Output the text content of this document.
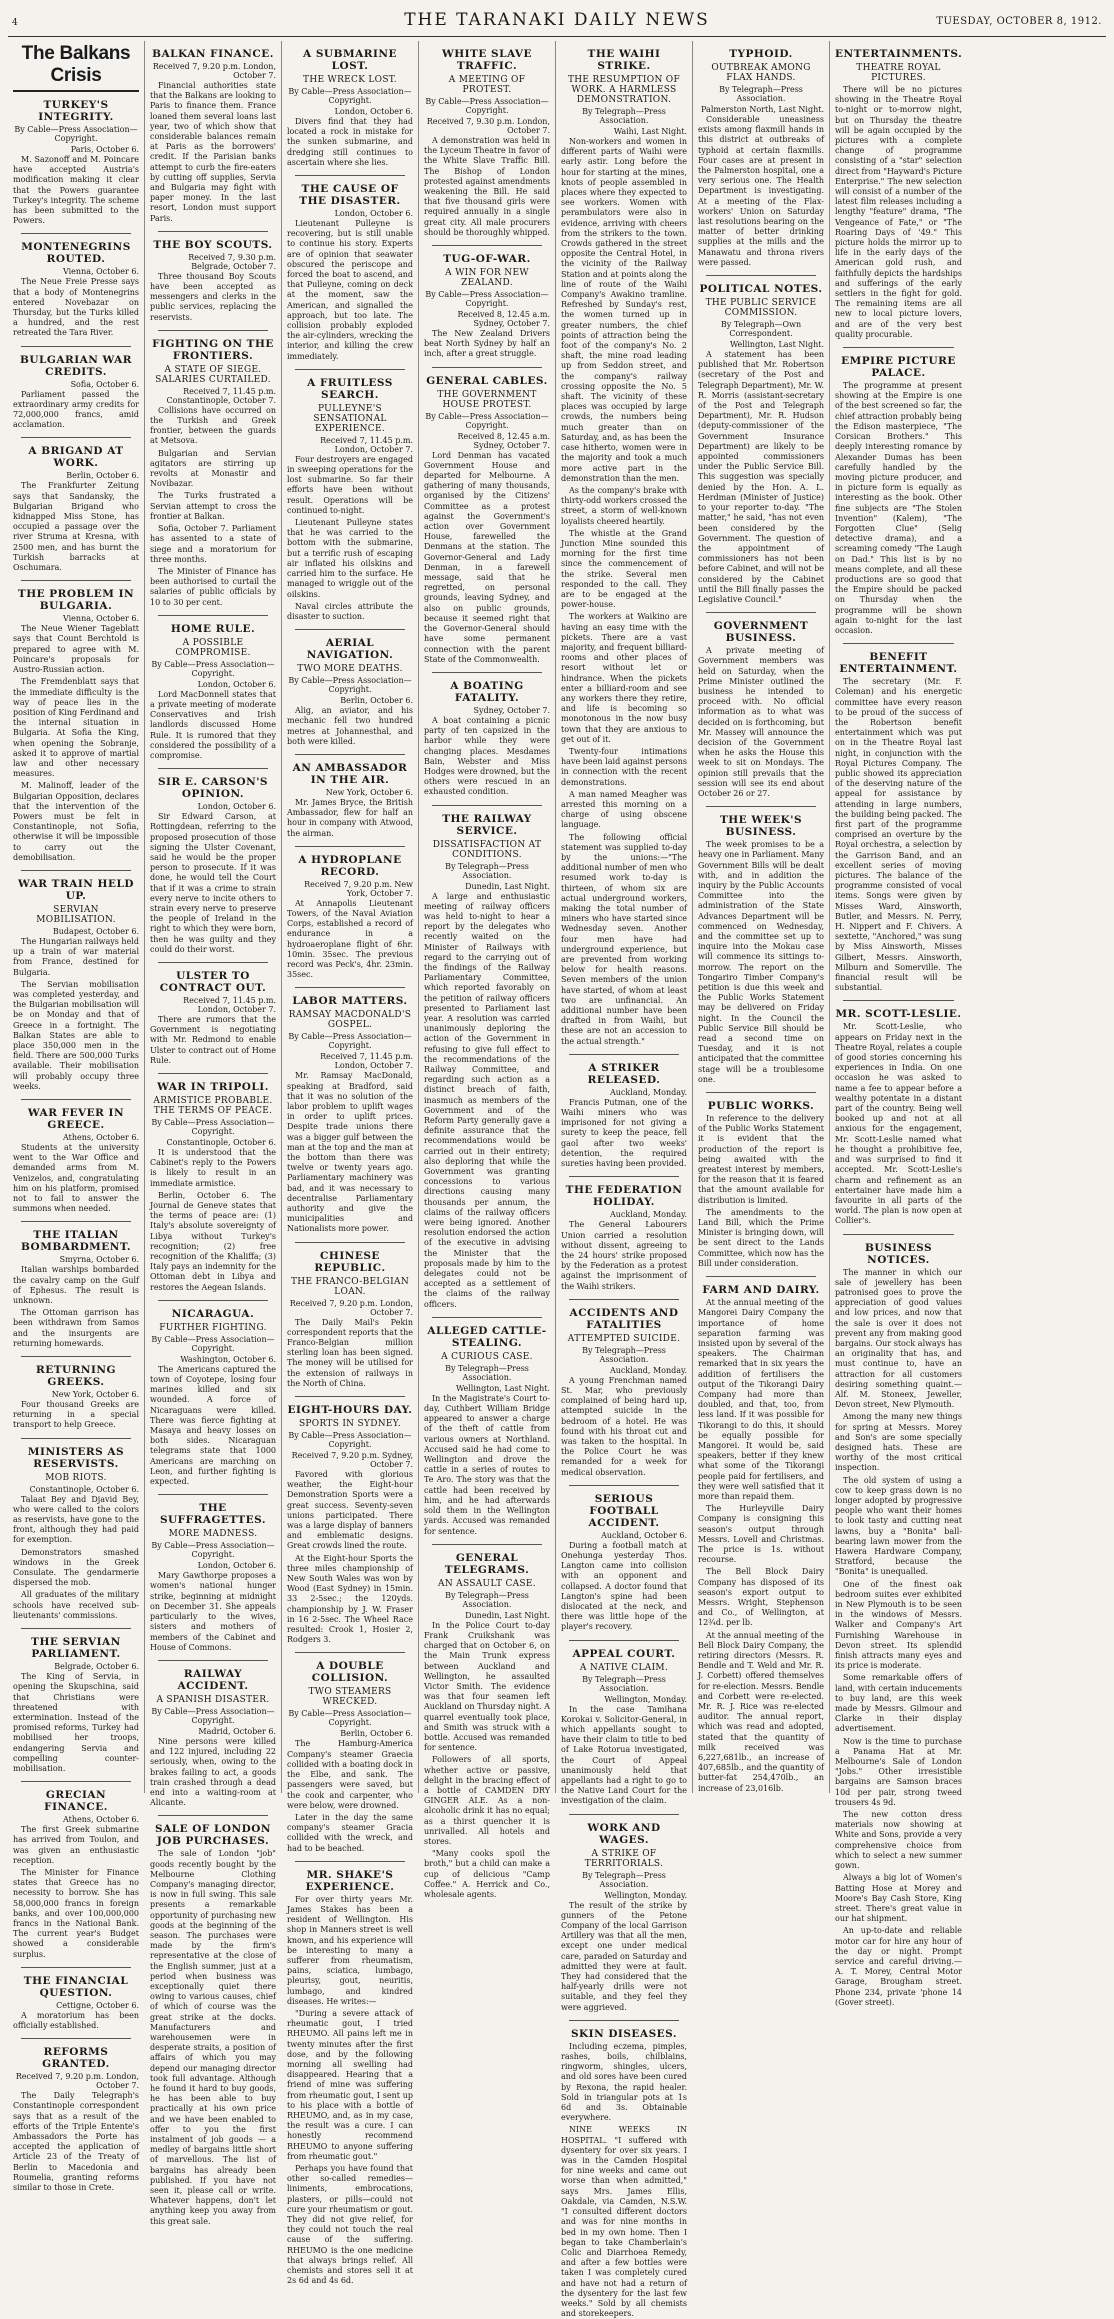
4	THE TARANAKI DAILY NEWS	TUESDAY, OCTOBER 8, 1912.
The Balkans Crisis
TURKEY'S INTEGRITY.
By Cable—Press Association—Copyright.
Paris, October 6.

M. Sazonoff and M. Poincare have accepted Austria's modification making it clear that the Powers guarantee Turkey's integrity. The scheme has been submitted to the Powers.

MONTENEGRINS ROUTED.
Vienna, October 6.

The Neue Freie Presse says that a body of Montenegrins entered Novebazar on Thursday, but the Turks killed a hundred, and the rest retreated the Tara River.

BULGARIAN WAR CREDITS.
Sofia, October 6.

Parliament passed the extraordinary army credits for 72,000,000 francs, amid acclamation.

A BRIGAND AT WORK.
Berlin, October 6.

The Frankfurter Zeitung says that Sandansky, the Bulgarian Brigand who kidnapped Miss Stone, has occupied a passage over the river Struma at Kresna, with 2500 men, and has burnt the Turkish barracks at Oschumara.

THE PROBLEM IN BULGARIA.
Vienna, October 6.

The Neue Wiener Tageblatt says that Count Berchtold is prepared to agree with M. Poincare's proposals for Austro-Russian action.

The Fremdenblatt says that the immediate difficulty is the way of peace lies in the position of King Ferdinand and the internal situation in Bulgaria. At Sofia the King, when opening the Sobranje, asked it to approve of martial law and other necessary measures.

M. Malinoff, leader of the Bulgarian Opposition, declares that the intervention of the Powers must be felt in Constantinople, not Sofia, otherwise it will be impossible to carry out the demobilisation.

WAR TRAIN HELD UP.
SERVIAN MOBILISATION.
Budapest, October 6.

The Hungarian railways held up a train of war material from France, destined for Bulgaria.

The Servian mobilisation was completed yesterday, and the Bulgarian mobilisation will be on Monday and that of Greece in a fortnight. The Balkan States are able to place 350,000 men in the field. There are 500,000 Turks available. Their mobilisation will probably occupy three weeks.

WAR FEVER IN GREECE.
Athens, October 6.

Students at the university went to the War Office and demanded arms from M. Venizelos, and, congratulating him on his platform, promised not to fail to answer the summons when needed.

THE ITALIAN BOMBARDMENT.
Smyrna, October 6.

Italian warships bombarded the cavalry camp on the Gulf of Ephesus. The result is unknown.

The Ottoman garrison has been withdrawn from Samos and the insurgents are returning homewards.

RETURNING GREEKS.
New York, October 6.

Four thousand Greeks are returning in a special transport to help Greece.

MINISTERS AS RESERVISTS.
MOB RIOTS.
Constantinople, October 6.

Talaat Bey and Djavid Bey, who were called to the colors as reservists, have gone to the front, although they had paid for exemption.

Demonstrators smashed windows in the Greek Consulate. The gendarmerie dispersed the mob.

All graduates of the military schools have received sub-lieutenants' commissions.

THE SERVIAN PARLIAMENT.
Belgrade, October 6.

The King of Servia, in opening the Skupschina, said that Christians were threatened with extermination. Instead of the promised reforms, Turkey had mobilised her troops, endangering Servia and compelling counter-mobilisation.

GRECIAN FINANCE.
Athens, October 6.

The first Greek submarine has arrived from Toulon, and was given an enthusiastic reception.

The Minister for Finance states that Greece has no necessity to borrow. She has 58,000,000 francs in foreign banks, and over 100,000,000 francs in the National Bank. The current year's Budget showed a considerable surplus.

THE FINANCIAL QUESTION.
Cettigne, October 6.

A moratorium has been officially established.

REFORMS GRANTED.
Received 7, 9.20 p.m. London, October 7.

The Daily Telegraph's Constantinople correspondent says that as a result of the efforts of the Triple Entente's Ambassadors the Porte has accepted the application of Article 23 of the Treaty of Berlin to Macedonia and Roumelia, granting reforms similar to those in Crete.

BALKAN FINANCE.
Received 7, 9.20 p.m. London, October 7.

Financial authorities state that the Balkans are looking to Paris to finance them. France loaned them several loans last year, two of which show that considerable balances remain at Paris as the borrowers' credit. If the Parisian banks attempt to curb the fire-eaters by cutting off supplies, Servia and Bulgaria may fight with paper money. In the last resort, London must support Paris.

THE BOY SCOUTS.
Received 7, 9.30 p.m. Belgrade, October 7.

Three thousand Boy Scouts have been accepted as messengers and clerks in the public services, replacing the reservists.

FIGHTING ON THE FRONTIERS.
A STATE OF SIEGE. SALARIES CURTAILED.
Received 7, 11.45 p.m. Constantinople, October 7.

Collisions have occurred on the Turkish and Greek frontier, between the guards at Metsova.

Bulgarian and Servian agitators are stirring up revolts at Monastir and Novibazar.

The Turks frustrated a Servian attempt to cross the frontier at Balkan.

Sofia, October 7. Parliament has assented to a state of siege and a moratorium for three months.

The Minister of Finance has been authorised to curtail the salaries of public officials by 10 to 30 per cent.

HOME RULE.
A POSSIBLE COMPROMISE.
By Cable—Press Association—Copyright.
London, October 6.

Lord MacDonnell states that a private meeting of moderate Conservatives and Irish landlords discussed Home Rule. It is rumored that they considered the possibility of a compromise.

SIR E. CARSON'S OPINION.
London, October 6.

Sir Edward Carson, at Rottingdean, referring to the proposed prosecution of those signing the Ulster Covenant, said he would be the proper person to prosecute. If it was done, he would tell the Court that if it was a crime to strain every nerve to incite others to strain every nerve to preserve the people of Ireland in the right to which they were born, then he was guilty and they could do their worst.

ULSTER TO CONTRACT OUT.
Received 7, 11.45 p.m. London, October 7.

There are rumors that the Government is negotiating with Mr. Redmond to enable Ulster to contract out of Home Rule.

WAR IN TRIPOLI.
ARMISTICE PROBABLE. THE TERMS OF PEACE.
By Cable—Press Association—Copyright.
Constantinople, October 6.

It is understood that the Cabinet's reply to the Powers is likely to result in an immediate armistice.

Berlin, October 6. The Journal de Geneve states that the terms of peace are: (1) Italy's absolute sovereignty of Libya without Turkey's recognition; (2) free recognition of the Khaliffa; (3) Italy pays an indemnity for the Ottoman debt in Libya and restores the Aegean Islands.

NICARAGUA.
FURTHER FIGHTING.
By Cable—Press Association—Copyright.
Washington, October 6.

The Americans captured the town of Coyotepe, losing four marines killed and six wounded. A force of Nicaraguans were killed. There was fierce fighting at Masaya and heavy losses on both sides. Nicaraguan telegrams state that 1000 Americans are marching on Leon, and further fighting is expected.

THE SUFFRAGETTES.
MORE MADNESS.
By Cable—Press Association—Copyright.
London, October 6.

Mary Gawthorpe proposes a women's national hunger strike, beginning at midnight on December 31. She appeals particularly to the wives, sisters and mothers of members of the Cabinet and House of Commons.

RAILWAY ACCIDENT.
A SPANISH DISASTER.
By Cable—Press Association—Copyright.
Madrid, October 6.

Nine persons were killed and 122 injured, including 22 seriously, when, owing to the brakes failing to act, a goods train crashed through a dead end into a waiting-room at Alicante.

SALE OF LONDON JOB PURCHASES.

The sale of London "job" goods recently bought by the Melbourne Clothing Company's managing director, is now in full swing. This sale presents a remarkable opportunity of purchasing new goods at the beginning of the season. The purchases were made by the firm's representative at the close of the English summer, just at a period when business was exceptionally quiet there owing to various causes, chief of which of course was the great strike at the docks. Manufacturers and warehousemen were in desperate straits, a position of affairs of which you may depend our managing director took full advantage. Although he found it hard to buy goods, he has been able to buy practically at his own price and we have been enabled to offer to you the first instalment of job goods — a medley of bargains little short of marvellous. The list of bargains has already been published. If you have not seen it, please call or write. Whatever happens, don't let anything keep you away from this great sale.

A SUBMARINE LOST.
THE WRECK LOST.
By Cable—Press Association—Copyright.
London, October 6.

Divers find that they had located a rock in mistake for the sunken submarine, and dredging still continues to ascertain where she lies.

THE CAUSE OF THE DISASTER.
London, October 6.

Lieutenant Pulleyne is recovering, but is still unable to continue his story. Experts are of opinion that seawater obscured the periscope and forced the boat to ascend, and that Pulleyne, coming on deck at the moment, saw the American, and signalled the approach, but too late. The collision probably exploded the air-cylinders, wrecking the interior, and killing the crew immediately.

A FRUITLESS SEARCH.
PULLEYNE'S SENSATIONAL EXPERIENCE.
Received 7, 11.45 p.m. London, October 7.

Four destroyers are engaged in sweeping operations for the lost submarine. So far their efforts have been without result. Operations will be continued to-night.

Lieutenant Pulleyne states that he was carried to the bottom with the submarine, but a terrific rush of escaping air inflated his oilskins and carried him to the surface. He managed to wriggle out of the oilskins.

Naval circles attribute the disaster to suction.

AERIAL NAVIGATION.
TWO MORE DEATHS.
By Cable—Press Association—Copyright.
Berlin, October 6.

Alig, an aviator, and his mechanic fell two hundred metres at Johannesthal, and both were killed.

AN AMBASSADOR IN THE AIR.
New York, October 6.

Mr. James Bryce, the British Ambassador, flew for half an hour in company with Atwood, the airman.

A HYDROPLANE RECORD.
Received 7, 9.20 p.m. New York, October 7.

At Annapolis Lieutenant Towers, of the Naval Aviation Corps, established a record of endurance in a hydroaeroplane flight of 6hr. 10min. 35sec. The previous record was Peck's, 4hr. 23min. 35sec.

LABOR MATTERS.
RAMSAY MACDONALD'S GOSPEL.
By Cable—Press Association—Copyright.
Received 7, 11.45 p.m. London, October 7.

Mr. Ramsay MacDonald, speaking at Bradford, said that it was no solution of the labor problem to uplift wages in order to uplift prices. Despite trade unions there was a bigger gulf between the man at the top and the man at the bottom than there was twelve or twenty years ago. Parliamentary machinery was bad, and it was necessary to decentralise Parliamentary authority and give the municipalities and Nationalists more power.

CHINESE REPUBLIC.
THE FRANCO-BELGIAN LOAN.
Received 7, 9.20 p.m. London, October 7.

The Daily Mail's Pekin correspondent reports that the Franco-Belgian million sterling loan has been signed. The money will be utilised for the extension of railways in the North of China.

EIGHT-HOURS DAY.
SPORTS IN SYDNEY.
By Cable—Press Association—Copyright.
Received 7, 9.20 p.m. Sydney, October 7.

Favored with glorious weather, the Eight-hour Demonstration Sports were a great success. Seventy-seven unions participated. There was a large display of banners and emblematic designs. Great crowds lined the route.

At the Eight-hour Sports the three miles championship of New South Wales was won by Wood (East Sydney) in 15min. 33 2-5sec.; the 120yds. championship by J. W. Fraser in 16 2-5sec. The Wheel Race resulted: Crook 1, Hosier 2, Rodgers 3.

A DOUBLE COLLISION.
TWO STEAMERS WRECKED.
By Cable—Press Association—Copyright.
Berlin, October 6.

The Hamburg-America Company's steamer Graecia collided with a boating dock in the Elbe, and sank. The passengers were saved, but the cook and carpenter, who were below, were drowned.

Later in the day the same company's steamer Gracia collided with the wreck, and had to be beached.

MR. SHAKE'S EXPERIENCE.

For over thirty years Mr. James Stakes has been a resident of Wellington. His shop in Manners street is well known, and his experience will be interesting to many a sufferer from rheumatism, pains, sciatica, lumbago, pleurisy, gout, neuritis, lumbago, and kindred diseases. He writes:—

"During a severe attack of rheumatic gout, I tried RHEUMO. All pains left me in twenty minutes after the first dose, and by the following morning all swelling had disappeared. Hearing that a friend of mine was suffering from rheumatic gout, I sent up to his place with a bottle of RHEUMO, and, as in my case, the result was a cure. I can honestly recommend RHEUMO to anyone suffering from rheumatic gout."

Perhaps you have found that other so-called remedies—liniments, embrocations, plasters, or pills—could not cure your rheumatism or gout. They did not give relief, for they could not touch the real cause of the suffering. RHEUMO is the one medicine that always brings relief. All chemists and stores sell it at 2s 6d and 4s 6d.

WHITE SLAVE TRAFFIC.
A MEETING OF PROTEST.
By Cable—Press Association—Copyright.
Received 7, 9.30 p.m. London, October 7.

A demonstration was held in the Lyceum Theatre in favor of the White Slave Traffic Bill. The Bishop of London protested against amendments weakening the Bill. He said that five thousand girls were required annually in a single great city. All male procurers should be thoroughly whipped.

TUG-OF-WAR.
A WIN FOR NEW ZEALAND.
By Cable—Press Association—Copyright.
Received 8, 12.45 a.m. Sydney, October 7.

The New Zealand Drivers beat North Sydney by half an inch, after a great struggle.

GENERAL CABLES.
THE GOVERNMENT HOUSE PROTEST.
By Cable—Press Association—Copyright.
Received 8, 12.45 a.m. Sydney, October 7.

Lord Denman has vacated Government House and departed for Melbourne. A gathering of many thousands, organised by the Citizens' Committee as a protest against the Government's action over Government House, farewelled the Denmans at the station. The Governor-General and Lady Denman, in a farewell message, said that he regretted, on personal grounds, leaving Sydney, and also on public grounds, because it seemed right that the Governor-General should have some permanent connection with the parent State of the Commonwealth.

A BOATING FATALITY.
Sydney, October 7.

A boat containing a picnic party of ten capsized in the harbor while they were changing places. Mesdames Bain, Webster and Miss Hodges were drowned, but the others were rescued in an exhausted condition.

THE RAILWAY SERVICE.
DISSATISFACTION AT CONDITIONS.
By Telegraph—Press Association.
Dunedin, Last Night.

A large and enthusiastic meeting of railway officers was held to-night to hear a report by the delegates who recently waited on the Minister of Railways with regard to the carrying out of the findings of the Railway Parliamentary Committee, which reported favorably on the petition of railway officers presented to Parliament last year. A resolution was carried unanimously deploring the action of the Government in refusing to give full effect to the recommendations of the Railway Committee, and regarding such action as a distinct breach of faith, inasmuch as members of the Government and of the Reform Party generally gave a definite assurance that the recommendations would be carried out in their entirety; also deploring that while the Government was granting concessions to various directions causing many thousands per annum, the claims of the railway officers were being ignored. Another resolution endorsed the action of the executive in advising the Minister that the proposals made by him to the delegates could not be accepted as a settlement of the claims of the railway officers.

ALLEGED CATTLE-STEALING.
A CURIOUS CASE.
By Telegraph—Press Association.
Wellington, Last Night.

In the Magistrate's Court to-day, Cuthbert William Bridge appeared to answer a charge of the theft of cattle from various owners at Northland. Accused said he had come to Wellington and drove the cattle in a series of routes to Te Aro. The story was that the cattle had been received by him, and he had afterwards sold them in the Wellington yards. Accused was remanded for sentence.

GENERAL TELEGRAMS.
AN ASSAULT CASE.
By Telegraph—Press Association.
Dunedin, Last Night.

In the Police Court to-day Frank Cruikshank was charged that on October 6, on the Main Trunk express between Auckland and Wellington, he assaulted Victor Smith. The evidence was that four seamen left Auckland on Thursday night. A quarrel eventually took place, and Smith was struck with a bottle. Accused was remanded for sentence.

Followers of all sports, whether active or passive, delight in the bracing effect of a bottle of CAMDEN DRY GINGER ALE. As a non-alcoholic drink it has no equal; as a thirst quencher it is unrivalled. All hotels and stores.

"Many cooks spoil the broth," but a child can make a cup of delicious "Camp Coffee." A. Herrick and Co., wholesale agents.

THE WAIHI STRIKE.
THE RESUMPTION OF WORK. A HARMLESS DEMONSTRATION.
By Telegraph—Press Association.
Waihi, Last Night.

Non-workers and women in different parts of Waihi were early astir. Long before the hour for starting at the mines, knots of people assembled in places where they expected to see workers. Women with perambulators were also in evidence, arriving with cheers from the strikers to the town. Crowds gathered in the street opposite the Central Hotel, in the vicinity of the Railway Station and at points along the line of route of the Waihi Company's Awakino tramline. Refreshed by Sunday's rest, the women turned up in greater numbers, the chief points of attraction being the foot of the company's No. 2 shaft, the mine road leading up from Seddon street, and the company's railway crossing opposite the No. 5 shaft. The vicinity of these places was occupied by large crowds, the numbers being much greater than on Saturday, and, as has been the case hitherto, women were in the majority and took a much more active part in the demonstration than the men.

As the company's brake with thirty-odd workers crossed the street, a storm of well-known loyalists cheered heartily.

The whistle at the Grand Junction Mine sounded this morning for the first time since the commencement of the strike. Several men responded to the call. They are to be engaged at the power-house.

The workers at Waikino are having an easy time with the pickets. There are a vast majority, and frequent billiard-rooms and other places of resort without let or hindrance. When the pickets enter a billiard-room and see any workers there they retire, and life is becoming so monotonous in the now busy town that they are anxious to get out of it.

Twenty-four intimations have been laid against persons in connection with the recent demonstrations.

A man named Meagher was arrested this morning on a charge of using obscene language.

The following official statement was supplied to-day by the unions:—"The additional number of men who resumed work to-day is thirteen, of whom six are actual underground workers, making the total number of miners who have started since Wednesday seven. Another four men have had underground experience, but are prevented from working below for health reasons. Seven members of the union have started, of whom at least two are unfinancial. An additional number have been drafted in from Waihi, but these are not an accession to the actual strength."

A STRIKER RELEASED.
Auckland, Monday.

Francis Putman, one of the Waihi miners who was imprisoned for not giving a surety to keep the peace, fell gaol after two weeks' detention, the required sureties having been provided.

THE FEDERATION HOLIDAY.
Auckland, Monday.

The General Labourers Union carried a resolution without dissent, agreeing to the 24 hours' strike proposed by the Federation as a protest against the imprisonment of the Waihi strikers.

ACCIDENTS AND FATALITIES
ATTEMPTED SUICIDE.
By Telegraph—Press Association.
Auckland, Monday.

A young Frenchman named St. Mar, who previously complained of being hard up, attempted suicide in the bedroom of a hotel. He was found with his throat cut and was taken to the hospital. In the Police Court he was remanded for a week for medical observation.

SERIOUS FOOTBALL ACCIDENT.
Auckland, October 6.

During a football match at Onehunga yesterday Thos. Langton came into collision with an opponent and collapsed. A doctor found that Langton's spine had been dislocated at the neck, and there was little hope of the player's recovery.

APPEAL COURT.
A NATIVE CLAIM.
By Telegraph—Press Association.
Wellington, Monday.

In the case Tamihana Korokai v. Solicitor-General, in which appellants sought to have their claim to title to bed of Lake Rotorua investigated, the Court of Appeal unanimously held that appellants had a right to go to the Native Land Court for the investigation of the claim.

WORK AND WAGES.
A STRIKE OF TERRITORIALS.
By Telegraph—Press Association.
Wellington, Monday.

The result of the strike by gunners of the Petone Company of the local Garrison Artillery was that all the men, except one under medical care, paraded on Saturday and admitted they were at fault. They had considered that the half-yearly drills were not suitable, and they feel they were aggrieved.

SKIN DISEASES.

Including eczema, pimples, rashes, boils, chilblains, ringworm, shingles, ulcers, and old sores have been cured by Rexona, the rapid healer. Sold in triangular pots at 1s 6d and 3s. Obtainable everywhere.

NINE WEEKS IN HOSPITAL. "I suffered with dysentery for over six years. I was in the Camden Hospital for nine weeks and came out worse than when admitted," says Mrs. James Ellis, Oakdale, via Camden, N.S.W. "I consulted different doctors and was for nine months in bed in my own home. Then I began to take Chamberlain's Colic and Diarrhoea Remedy, and after a few bottles were taken I was completely cured and have not had a return of the dysentery for the last few weeks." Sold by all chemists and storekeepers.

TYPHOID.
OUTBREAK AMONG FLAX HANDS.
By Telegraph—Press Association.
Palmerston North, Last Night.

Considerable uneasiness exists among flaxmill hands in this district at outbreaks of typhoid at certain flaxmills. Four cases are at present in the Palmerston hospital, one a very serious one. The Health Department is investigating. At a meeting of the Flax-workers' Union on Saturday last resolutions bearing on the matter of better drinking supplies at the mills and the Manawatu and throna rivers were passed.

POLITICAL NOTES.
THE PUBLIC SERVICE COMMISSION.
By Telegraph—Own Correspondent.
Wellington, Last Night.

A statement has been published that Mr. Robertson (secretary of the Post and Telegraph Department), Mr. W. R. Morris (assistant-secretary of the Post and Telegraph Department), Mr. R. Hudson (deputy-commissioner of the Government Insurance Department) are likely to be appointed commissioners under the Public Service Bill. This suggestion was specially denied by the Hon. A. L. Herdman (Minister of Justice) to your reporter to-day. "The matter," he said, "has not even been considered by the Government. The question of the appointment of commissioners has not been before Cabinet, and will not be considered by the Cabinet until the Bill finally passes the Legislative Council."

GOVERNMENT BUSINESS.

A private meeting of Government members was held on Saturday, when the Prime Minister outlined the business he intended to proceed with. No official information as to what was decided on is forthcoming, but Mr. Massey will announce the decision of the Government when he asks the House this week to sit on Mondays. The opinion still prevails that the session will see its end about October 26 or 27.

THE WEEK'S BUSINESS.

The week promises to be a heavy one in Parliament. Many Government Bills will be dealt with, and in addition the inquiry by the Public Accounts Committee into the administration of the State Advances Department will be commenced on Wednesday, and the committee set up to inquire into the Mokau case will commence its sittings to-morrow. The report on the Tongariro Timber Company's petition is due this week and the Public Works Statement may be delivered on Friday night. In the Council the Public Service Bill should be read a second time on Tuesday, and it is not anticipated that the committee stage will be a troublesome one.

PUBLIC WORKS.

In reference to the delivery of the Public Works Statement it is evident that the production of the report is being awaited with the greatest interest by members, for the reason that it is feared that the amount available for distribution is limited.

The amendments to the Land Bill, which the Prime Minister is bringing down, will be sent direct to the Lands Committee, which now has the Bill under consideration.

FARM AND DAIRY.

At the annual meeting of the Mangorei Dairy Company the importance of home separation farming was insisted upon by several of the speakers. The Chairman remarked that in six years the addition of fertilisers the output of the Tikorangi Dairy Company had more than doubled, and that, too, from less land. If it was possible for Tikorangi to do this, it should be equally possible for Mangorei. It would be, said speakers, better if they knew what some of the Tikorangi people paid for fertilisers, and they were well satisfied that it more than repaid them.

The Hurleyville Dairy Company is consigning this season's output through Messrs. Lovell and Christmas. The price is 1s. without recourse.

The Bell Block Dairy Company has disposed of its season's export output to Messrs. Wright, Stephenson and Co., of Wellington, at 12¾d. per lb.

At the annual meeting of the Bell Block Dairy Company, the retiring directors (Messrs. R. Bendle and T. Weld and Mr. R. J. Corbett) offered themselves for re-election. Messrs. Bendle and Corbett were re-elected. Mr. R. J. Rice was re-elected auditor. The annual report, which was read and adopted, stated that the quantity of milk received was 6,227,681lb., an increase of 407,685lb., and the quantity of butter-fat 254,470lb., an increase of 23,016lb.

ENTERTAINMENTS.
THEATRE ROYAL PICTURES.

There will be no pictures showing in the Theatre Royal to-night or to-morrow night, but on Thursday the theatre will be again occupied by the pictures with a complete change of programme consisting of a "star" selection direct from "Hayward's Picture Enterprise." The new selection will consist of a number of the latest film releases including a lengthy "feature" drama, "The Vengeance of Fate," or "The Roaring Days of '49." This picture holds the mirror up to life in the early days of the American gold rush, and faithfully depicts the hardships and sufferings of the early settlers in the fight for gold. The remaining items are all new to local picture lovers, and are of the very best quality procurable.

EMPIRE PICTURE PALACE.

The programme at present showing at the Empire is one of the best screened so far, the chief attraction probably being the Edison masterpiece, "The Corsican Brothers." This deeply interesting romance by Alexander Dumas has been carefully handled by the moving picture producer, and in picture form is equally as interesting as the book. Other fine subjects are "The Stolen Invention" (Kalem), "The Forgotten Clue" (Selig detective drama), and a screaming comedy "The Laugh on Dad." This list is by no means complete, and all these productions are so good that the Empire should be packed on Thursday when the programme will be shown again to-night for the last occasion.

BENEFIT ENTERTAINMENT.

The secretary (Mr. F. Coleman) and his energetic committee have every reason to be proud of the success of the Robertson benefit entertainment which was put on in the Theatre Royal last night, in conjunction with the Royal Pictures Company. The public showed its appreciation of the deserving nature of the appeal for assistance by attending in large numbers, the building being packed. The first part of the programme comprised an overture by the Royal orchestra, a selection by the Garrison Band, and an excellent series of moving pictures. The balance of the programme consisted of vocal items. Songs were given by Misses Ward, Ainsworth, Butler, and Messrs. N. Perry, H. Nippert and F. Chivers. A sextette, "Anchored," was sung by Miss Ainsworth, Misses Gilbert, Messrs. Ainsworth, Milburn and Somerville. The financial result will be substantial.

MR. SCOTT-LESLIE.

Mr. Scott-Leslie, who appears on Friday next in the Theatre Royal, relates a couple of good stories concerning his experiences in India. On one occasion he was asked to name a fee to appear before a wealthy potentate in a distant part of the country. Being well booked up and not at all anxious for the engagement, Mr. Scott-Leslie named what he thought a prohibitive fee, and was surprised to find it accepted. Mr. Scott-Leslie's charm and refinement as an entertainer have made him a favourite in all parts of the world. The plan is now open at Collier's.

BUSINESS NOTICES.

The manner in which our sale of jewellery has been patronised goes to prove the appreciation of good values and low prices, and now that the sale is over it does not prevent any from making good bargains. Our stock always has an originality that has, and must continue to, have an attraction for all customers desiring something quaint.— Alf. M. Stoneex, Jeweller, Devon street, New Plymouth.

Among the many new things for spring at Messrs. Morey and Son's are some specially designed hats. These are worthy of the most critical inspection.

The old system of using a cow to keep grass down is no longer adopted by progressive people who want their homes to look tasty and cutting neat lawns, buy a "Bonita" ball-bearing lawn mower from the Hawera Hardware Company, Stratford, because the "Bonita" is unequalled.

One of the finest oak bedroom suites ever exhibited in New Plymouth is to be seen in the windows of Messrs. Walker and Company's Art Furnishing Warehouse in Devon street. Its splendid finish attracts many eyes and its price is moderate.

Some remarkable offers of land, with certain inducements to buy land, are this week made by Messrs. Gilmour and Clarke in their display advertisement.

Now is the time to purchase a Panama Hat at Mr. Melbourne's Sale of London "Jobs." Other irresistible bargains are Samson braces 10d per pair, strong tweed trousers 4s 9d.

The new cotton dress materials now showing at White and Sons, provide a very comprehensive choice from which to select a new summer gown.

Always a big lot of Women's Batting Hose at Morey and Moore's Bay Cash Store, King street. There's great value in our hat shipment.

An up-to-date and reliable motor car for hire any hour of the day or night. Prompt service and careful driving.—A. T. Morey, Central Motor Garage, Brougham street. Phone 234, private 'phone 14 (Gover street).
